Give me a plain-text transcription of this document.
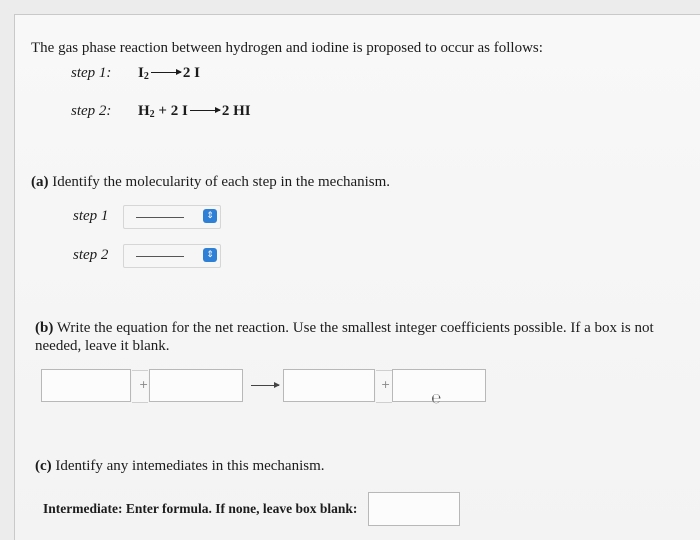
The gas phase reaction between hydrogen and iodine is proposed to occur as follows:
step 1: $I_2 \to 2$ I
step 2: $H_2 + 2$ I → 2 HI
(a) Identify the molecularity of each step in the mechanism.
step 1	⇕
step 2	⇕
(b) Write the equation for the net reaction. Use the smallest integer coefficients possible. If a box is not needed, leave it blank.
+	+
℮
(c) Identify any intemediates in this mechanism.
Intermediate: Enter formula. If none, leave box blank:
